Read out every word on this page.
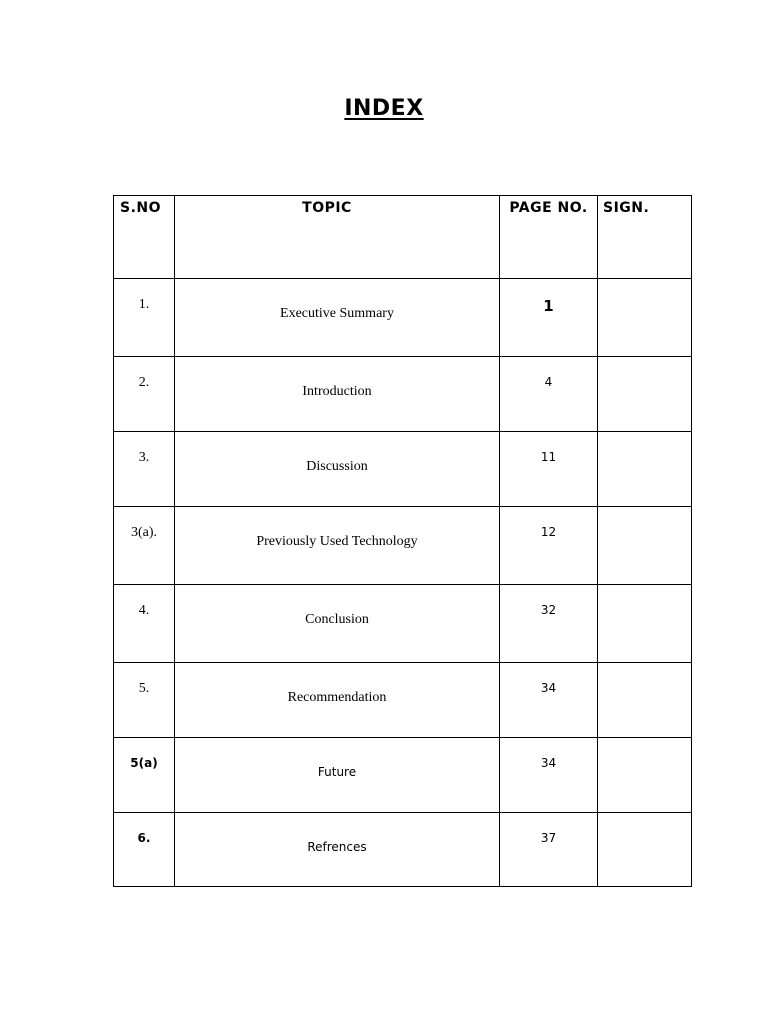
INDEX
S.NO	TOPIC	PAGE NO.	SIGN.
1.	Executive Summary	1	
2.	Introduction	4	
3.	Discussion	11	
3(a).	Previously Used Technology	12	
4.	Conclusion	32	
5.	Recommendation	34	
5(a)	Future	34	
6.	Refrences	37	
